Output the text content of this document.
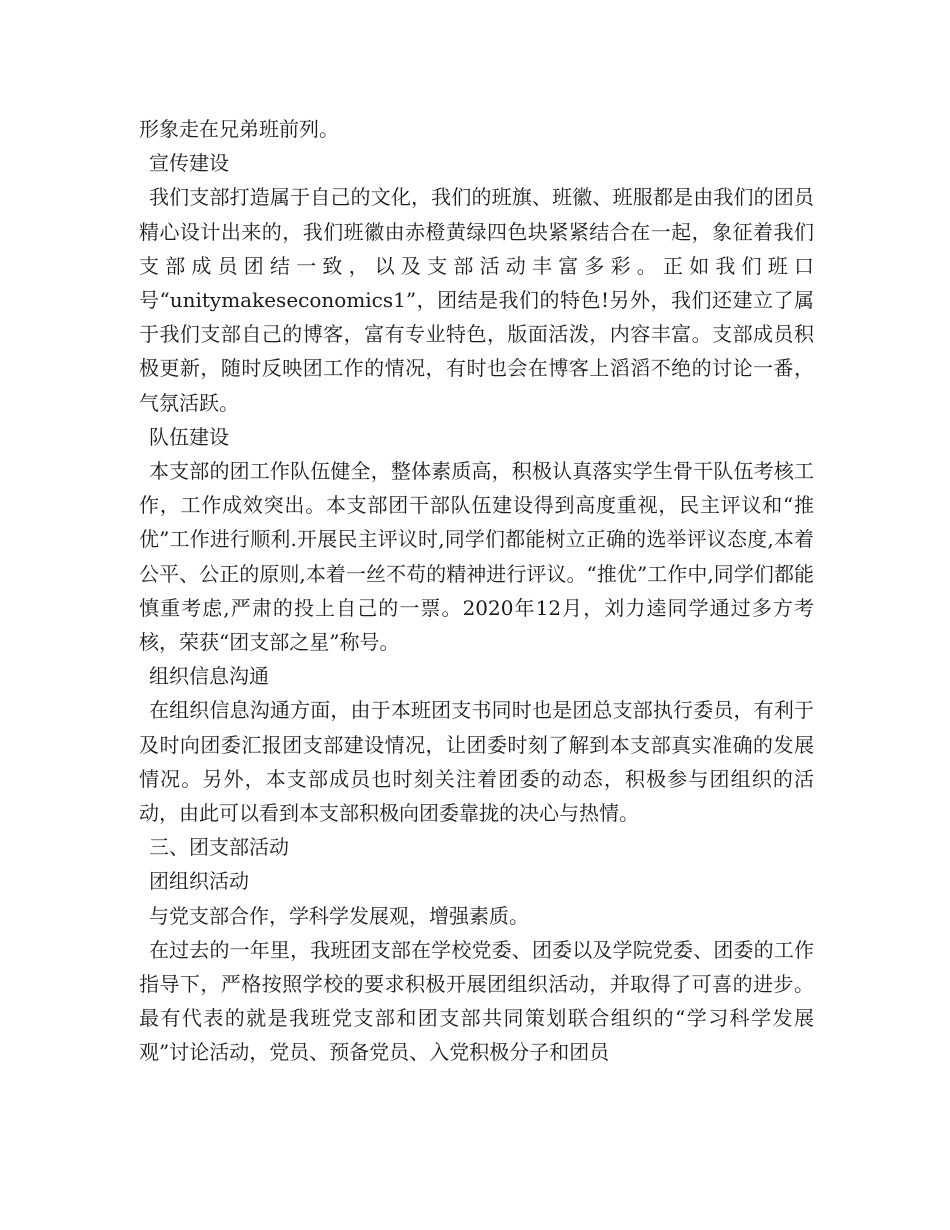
形象走在兄弟班前列。

宣传建设

我们支部打造属于自己的文化，我们的班旗、班徽、班服都是由我们的团员精心设计出来的，我们班徽由赤橙黄绿四色块紧紧结合在一起，象征着我们支部成员团结一致，以及支部活动丰富多彩。正如我们班口号“unitymakeseconomics1”，团结是我们的特色!另外，我们还建立了属于我们支部自己的博客，富有专业特色，版面活泼，内容丰富。支部成员积极更新，随时反映团工作的情况，有时也会在博客上滔滔不绝的讨论一番，气氛活跃。

队伍建设

本支部的团工作队伍健全，整体素质高，积极认真落实学生骨干队伍考核工作，工作成效突出。本支部团干部队伍建设得到高度重视，民主评议和“推优”工作进行顺利.开展民主评议时,同学们都能树立正确的选举评议态度,本着公平、公正的原则,本着一丝不苟的精神进行评议。“推优”工作中,同学们都能慎重考虑,严肃的投上自己的一票。2020年12月，刘力逵同学通过多方考核，荣获“团支部之星”称号。

组织信息沟通

在组织信息沟通方面，由于本班团支书同时也是团总支部执行委员，有利于及时向团委汇报团支部建设情况，让团委时刻了解到本支部真实准确的发展情况。另外，本支部成员也时刻关注着团委的动态，积极参与团组织的活动，由此可以看到本支部积极向团委靠拢的决心与热情。

三、团支部活动

团组织活动

与党支部合作，学科学发展观，增强素质。

在过去的一年里，我班团支部在学校党委、团委以及学院党委、团委的工作指导下，严格按照学校的要求积极开展团组织活动，并取得了可喜的进步。最有代表的就是我班党支部和团支部共同策划联合组织的“学习科学发展观”讨论活动，党员、预备党员、入党积极分子和团员
